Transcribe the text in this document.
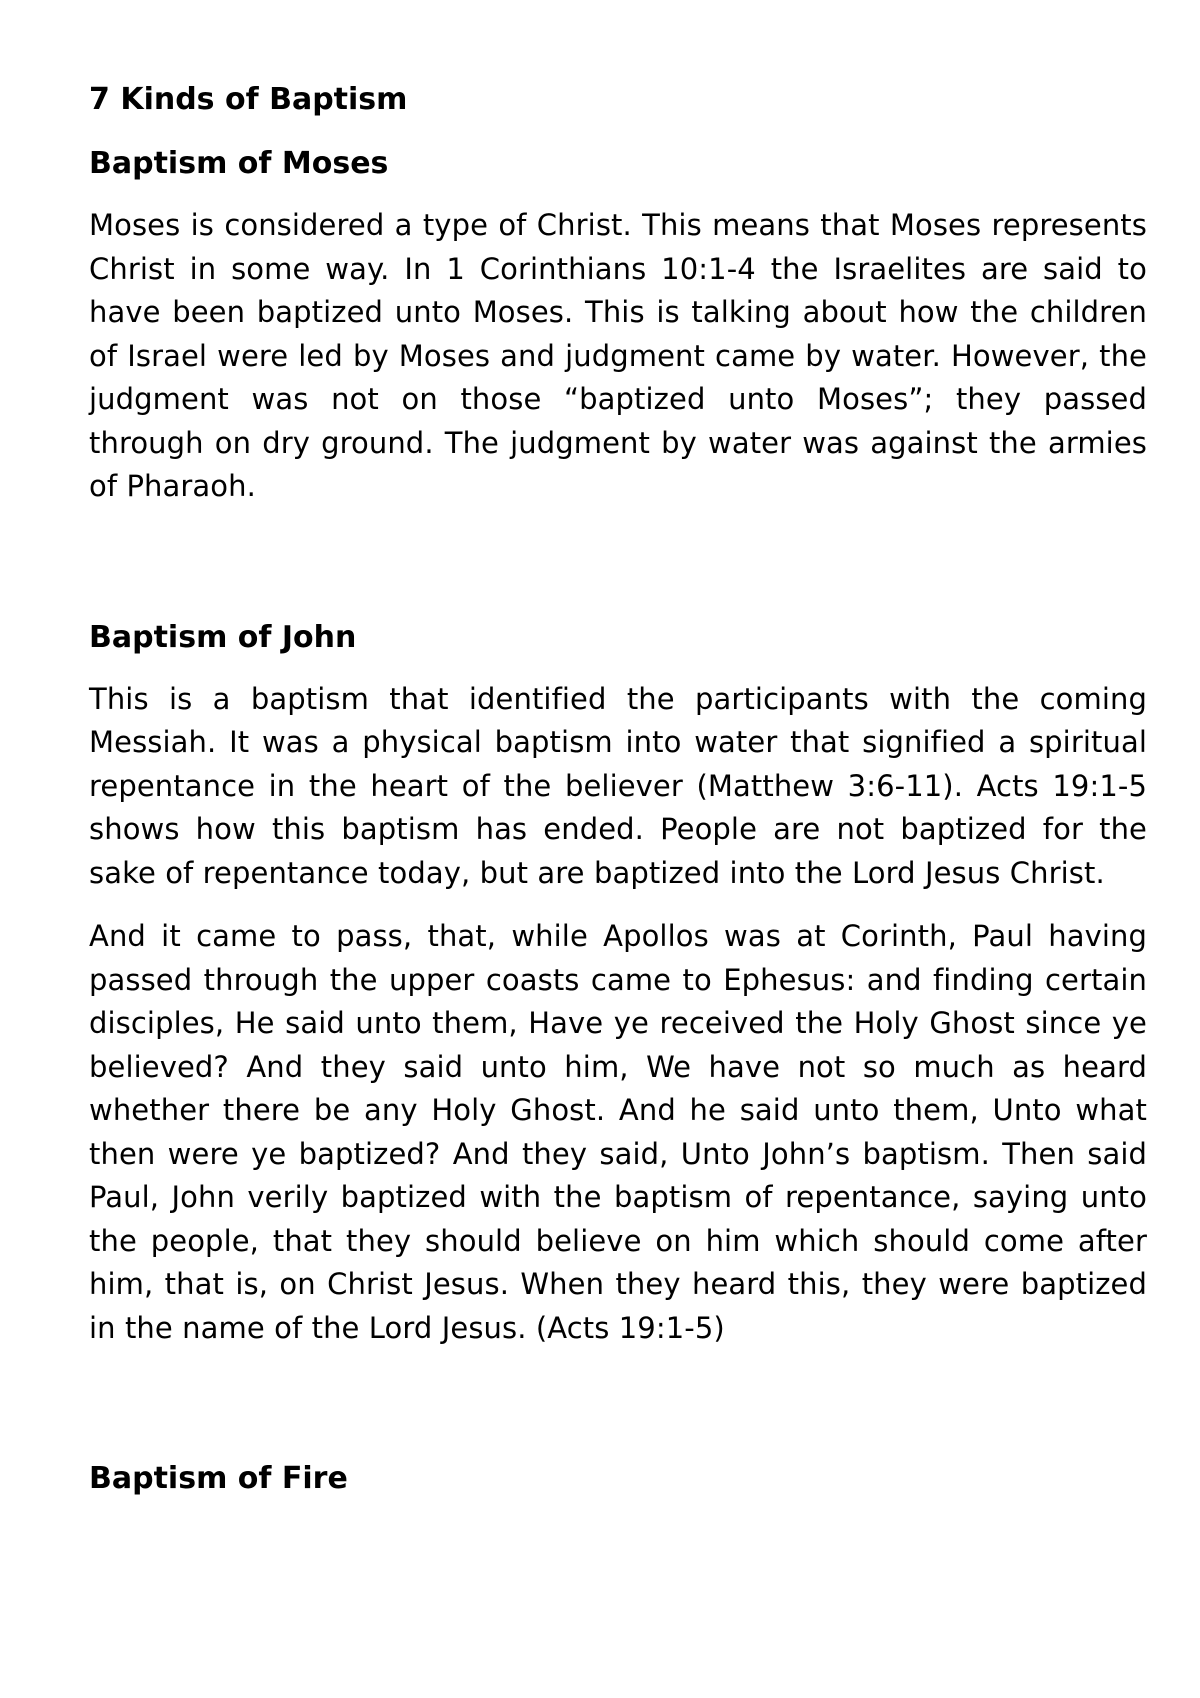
7 Kinds of Baptism
Baptism of Moses

Moses is considered a type of Christ. This means that Moses represents Christ in some way. In 1 Corinthians 10:1-4 the Israelites are said to have been baptized unto Moses. This is talking about how the children of Israel were led by Moses and judgment came by water. However, the judgment was not on those “baptized unto Moses”; they passed through on dry ground. The judgment by water was against the armies of Pharaoh.

Baptism of John

This is a baptism that identified the participants with the coming Messiah. It was a physical baptism into water that signified a spiritual repentance in the heart of the believer (Matthew 3:6-11). Acts 19:1-5 shows how this baptism has ended. People are not baptized for the sake of repentance today, but are baptized into the Lord Jesus Christ.

And it came to pass, that, while Apollos was at Corinth, Paul having passed through the upper coasts came to Ephesus: and finding certain disciples, He said unto them, Have ye received the Holy Ghost since ye believed? And they said unto him, We have not so much as heard whether there be any Holy Ghost. And he said unto them, Unto what then were ye baptized? And they said, Unto John’s baptism. Then said Paul, John verily baptized with the baptism of repentance, saying unto the people, that they should believe on him which should come after him, that is, on Christ Jesus. When they heard this, they were baptized in the name of the Lord Jesus. (Acts 19:1-5)

Baptism of Fire
